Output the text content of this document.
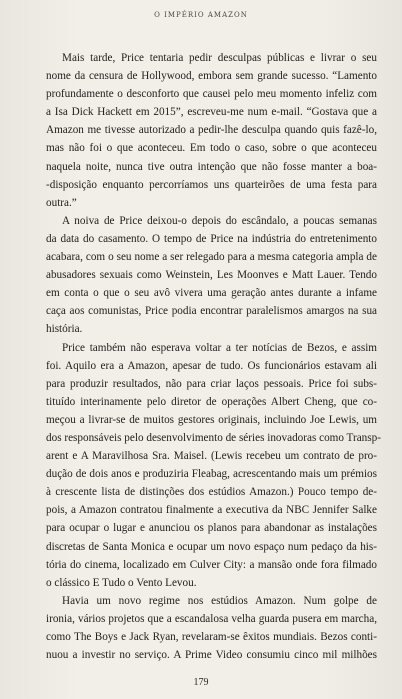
O IMPÉRIO AMAZON

Mais tarde, Price tentaria pedir desculpas públicas e livrar o seu
nome da censura de Hollywood, embora sem grande sucesso. “Lamento
profundamente o desconforto que causei pelo meu momento infeliz com
a Isa Dick Hackett em 2015”, escreveu-me num e-mail. “Gostava que a
Amazon me tivesse autorizado a pedir-lhe desculpa quando quis fazê-lo,
mas não foi o que aconteceu. Em todo o caso, sobre o que aconteceu
naquela noite, nunca tive outra intenção que não fosse manter a boa-
-disposição enquanto percorríamos uns quarteirões de uma festa para
outra.”

A noiva de Price deixou-o depois do escândalo, a poucas semanas
da data do casamento. O tempo de Price na indústria do entretenimento
acabara, com o seu nome a ser relegado para a mesma categoria ampla de
abusadores sexuais como Weinstein, Les Moonves e Matt Lauer. Tendo
em conta o que o seu avô vivera uma geração antes durante a infame
caça aos comunistas, Price podia encontrar paralelismos amargos na sua
história.

Price também não esperava voltar a ter notícias de Bezos, e assim
foi. Aquilo era a Amazon, apesar de tudo. Os funcionários estavam ali
para produzir resultados, não para criar laços pessoais. Price foi subs-
tituído interinamente pelo diretor de operações Albert Cheng, que co-
meçou a livrar-se de muitos gestores originais, incluindo Joe Lewis, um
dos responsáveis pelo desenvolvimento de séries inovadoras como Transp-
arent e A Maravilhosa Sra. Maisel. (Lewis recebeu um contrato de pro-
dução de dois anos e produziria Fleabag, acrescentando mais um prémios
à crescente lista de distinções dos estúdios Amazon.) Pouco tempo de-
pois, a Amazon contratou finalmente a executiva da NBC Jennifer Salke
para ocupar o lugar e anunciou os planos para abandonar as instalações
discretas de Santa Monica e ocupar um novo espaço num pedaço da his-
tória do cinema, localizado em Culver City: a mansão onde fora filmado
o clássico E Tudo o Vento Levou.

Havia um novo regime nos estúdios Amazon. Num golpe de
ironia, vários projetos que a escandalosa velha guarda pusera em marcha,
como The Boys e Jack Ryan, revelaram-se êxitos mundiais. Bezos conti-
nuou a investir no serviço. A Prime Video consumiu cinco mil milhões

179
